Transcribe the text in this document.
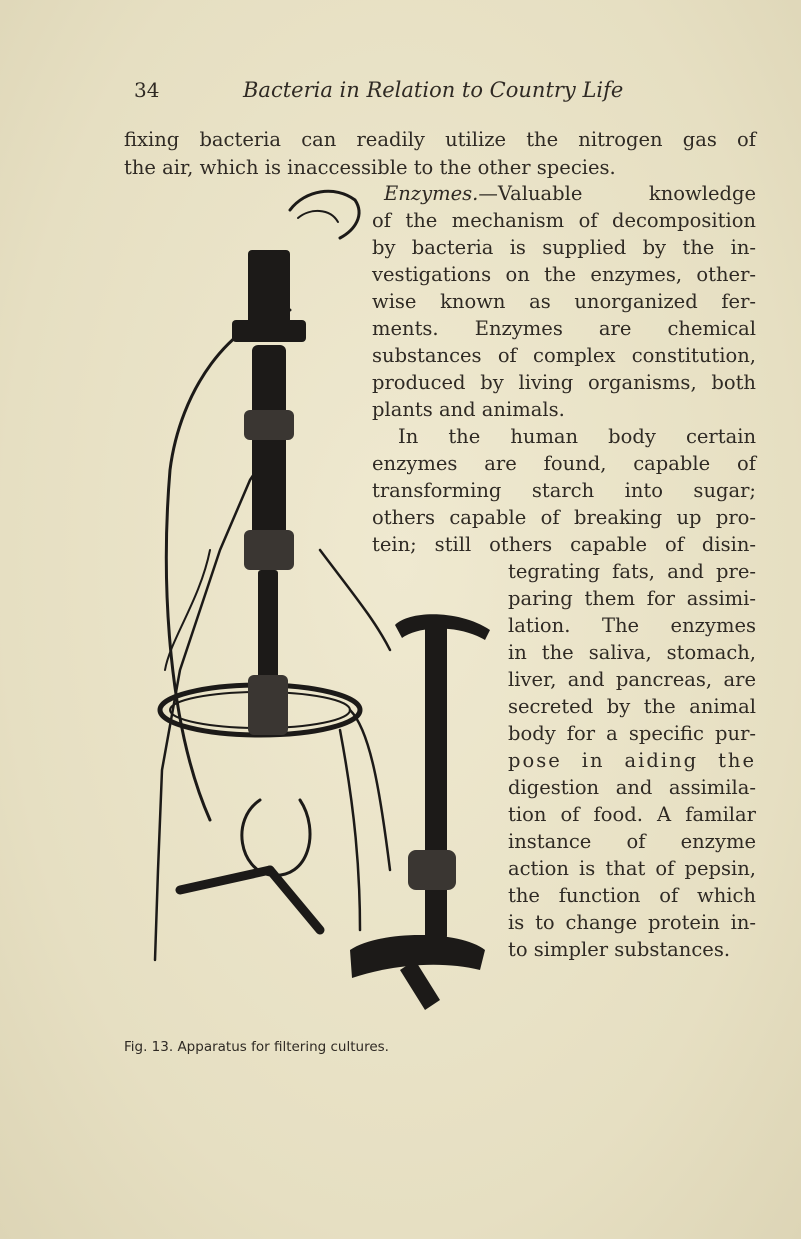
34	Bacteria in Relation to Country Life
fixing bacteria can readily utilize the nitrogen gas of
the air, which is inaccessible to the other species.
Enzymes.—Valuable knowledge
of the mechanism of decomposition
by bacteria is supplied by the in-
vestigations on the enzymes, other-
wise known as unorganized fer-
ments. Enzymes are chemical
substances of complex constitution,
produced by living organisms, both
plants and animals.
In the human body certain
enzymes are found, capable of
transforming starch into sugar;
others capable of breaking up pro-
tein; still others capable of disin-
tegrating fats, and pre-
paring them for assimi-
lation. The enzymes
in the saliva, stomach,
liver, and pancreas, are
secreted by the animal
body for a specific pur-
pose in aiding the
digestion and assimila-
tion of food. A familar
instance of enzyme
action is that of pepsin,
the function of which
is to change protein in-
to simpler substances.
Fig. 13. Apparatus for filtering cultures.
